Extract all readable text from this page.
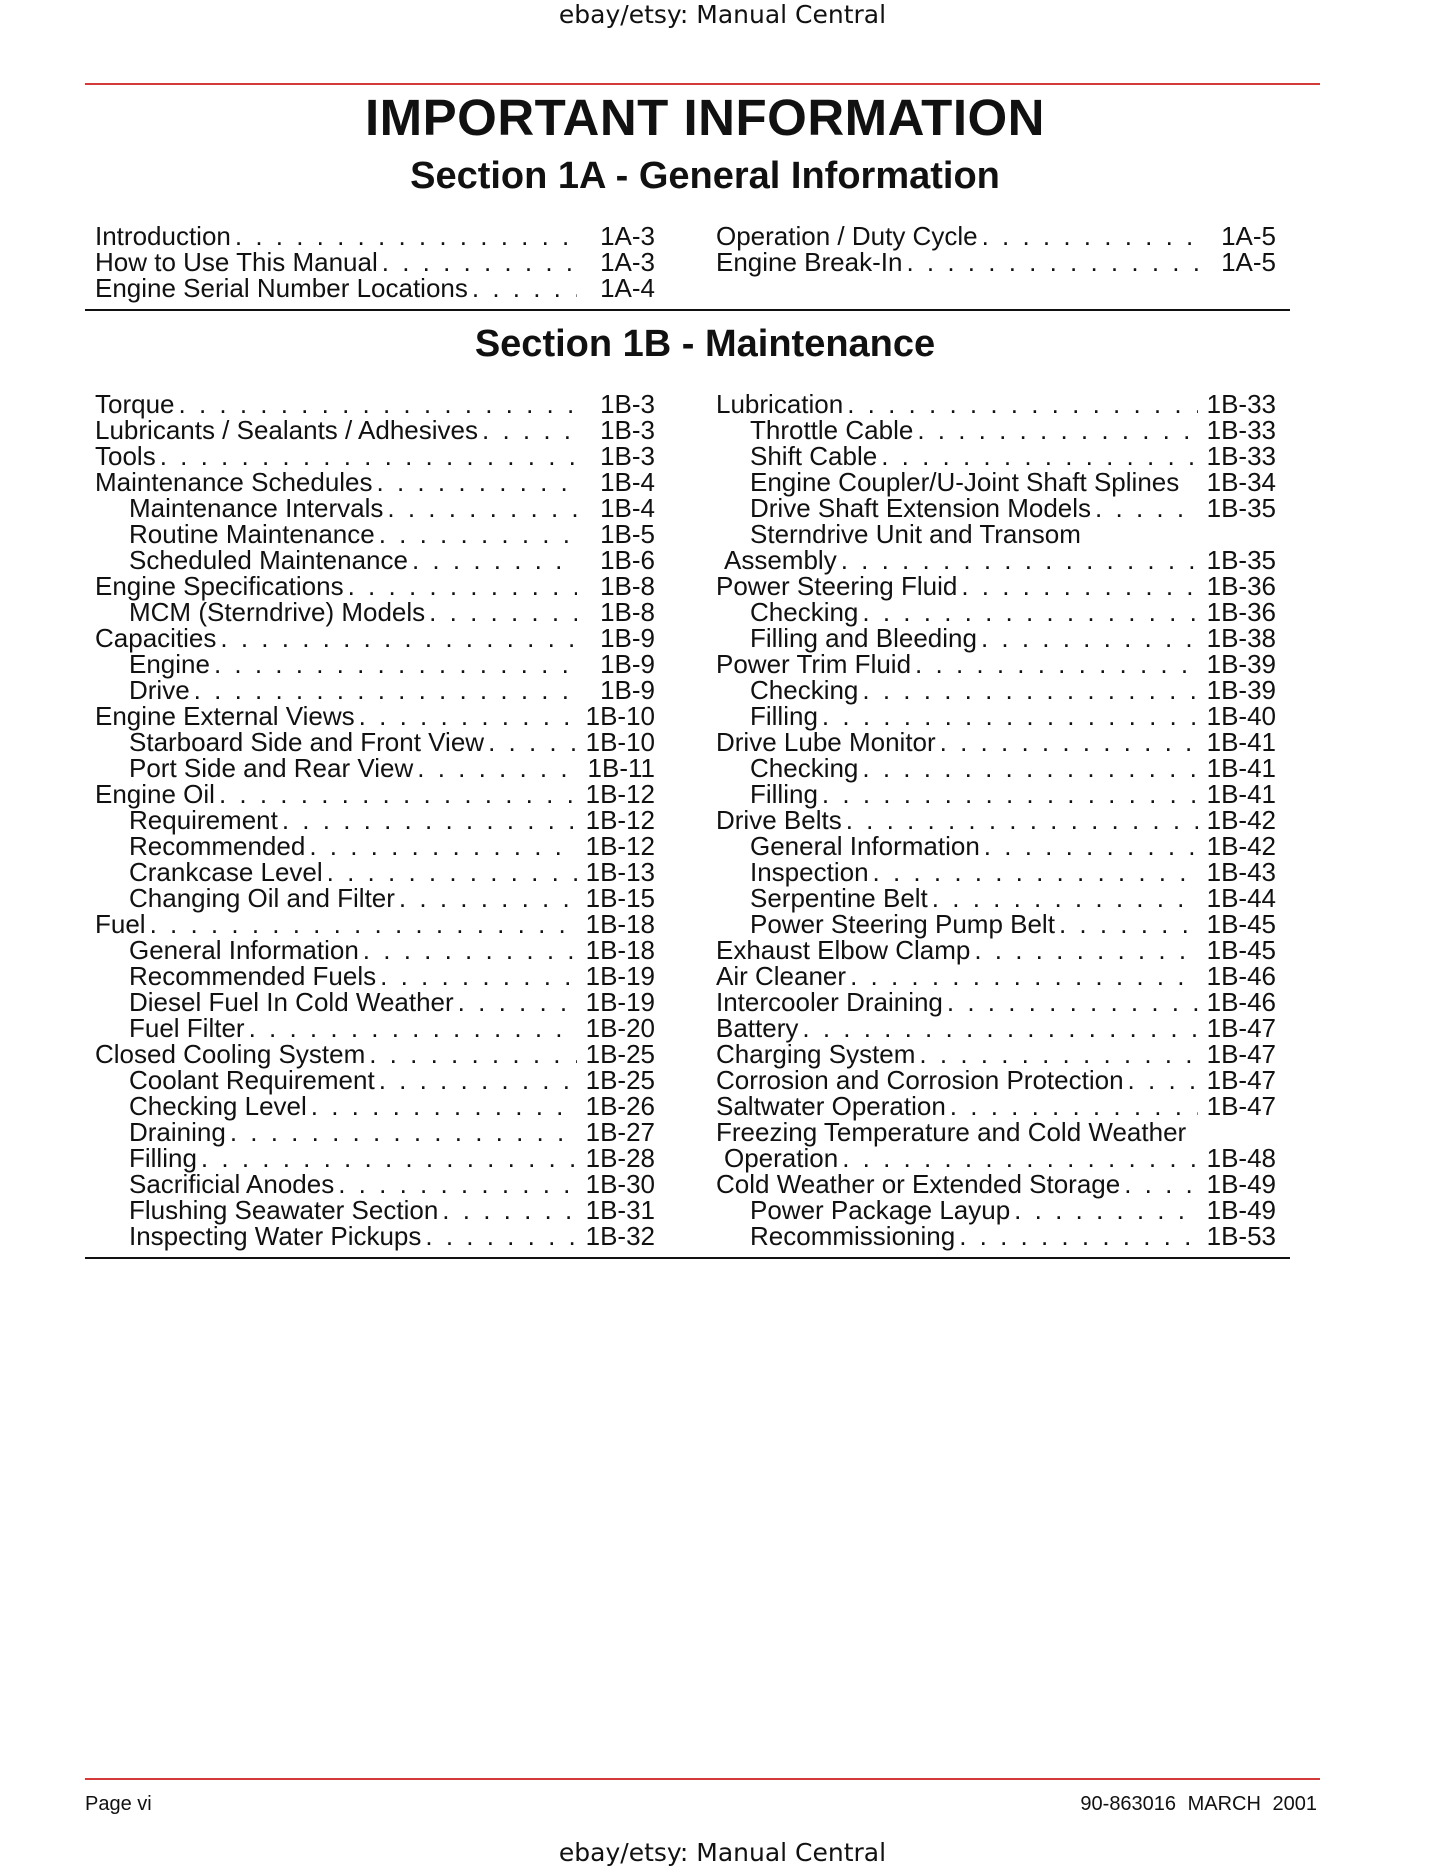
ebay/etsy: Manual Central
IMPORTANT INFORMATION
Section 1A - General Information
Introduction . . .	1A-3
How to Use This Manual . . .	1A-3
Engine Serial Number Locations . . .	1A-4
Operation / Duty Cycle . . .	1A-5
Engine Break-In . . .	1A-5
Section 1B - Maintenance
Torque . . .	1B-3
Lubricants / Sealants / Adhesives . . .	1B-3
Tools . . .	1B-3
Maintenance Schedules . . .	1B-4
Maintenance Intervals . . .	1B-4
Routine Maintenance . . .	1B-5
Scheduled Maintenance . . .	1B-6
Engine Specifications . . .	1B-8
MCM (Sterndrive) Models . . .	1B-8
Capacities . . .	1B-9
Engine . . .	1B-9
Drive . . .	1B-9
Engine External Views . . .	1B-10
Starboard Side and Front View . . .	1B-10
Port Side and Rear View . . .	1B-11
Engine Oil . . .	1B-12
Requirement . . .	1B-12
Recommended . . .	1B-12
Crankcase Level . . .	1B-13
Changing Oil and Filter . . .	1B-15
Fuel . . .	1B-18
General Information . . .	1B-18
Recommended Fuels . . .	1B-19
Diesel Fuel In Cold Weather . . .	1B-19
Fuel Filter . . .	1B-20
Closed Cooling System . . .	1B-25
Coolant Requirement . . .	1B-25
Checking Level . . .	1B-26
Draining . . .	1B-27
Filling . . .	1B-28
Sacrificial Anodes . . .	1B-30
Flushing Seawater Section . . .	1B-31
Inspecting Water Pickups . . .	1B-32
Lubrication . . .	1B-33
Throttle Cable . . .	1B-33
Shift Cable . . .	1B-33
Engine Coupler/U-Joint Shaft Splines	1B-34
Drive Shaft Extension Models . . .	1B-35
Sterndrive Unit and Transom
Assembly . . .	1B-35
Power Steering Fluid . . .	1B-36
Checking . . .	1B-36
Filling and Bleeding . . .	1B-38
Power Trim Fluid . . .	1B-39
Checking . . .	1B-39
Filling . . .	1B-40
Drive Lube Monitor . . .	1B-41
Checking . . .	1B-41
Filling . . .	1B-41
Drive Belts . . .	1B-42
General Information . . .	1B-42
Inspection . . .	1B-43
Serpentine Belt . . .	1B-44
Power Steering Pump Belt . . .	1B-45
Exhaust Elbow Clamp . . .	1B-45
Air Cleaner . . .	1B-46
Intercooler Draining . . .	1B-46
Battery . . .	1B-47
Charging System . . .	1B-47
Corrosion and Corrosion Protection . . .	1B-47
Saltwater Operation . . .	1B-47
Freezing Temperature and Cold Weather
Operation . . .	1B-48
Cold Weather or Extended Storage . . .	1B-49
Power Package Layup . . .	1B-49
Recommissioning . . .	1B-53
Page vi	90-863016 MARCH 2001
ebay/etsy: Manual Central
